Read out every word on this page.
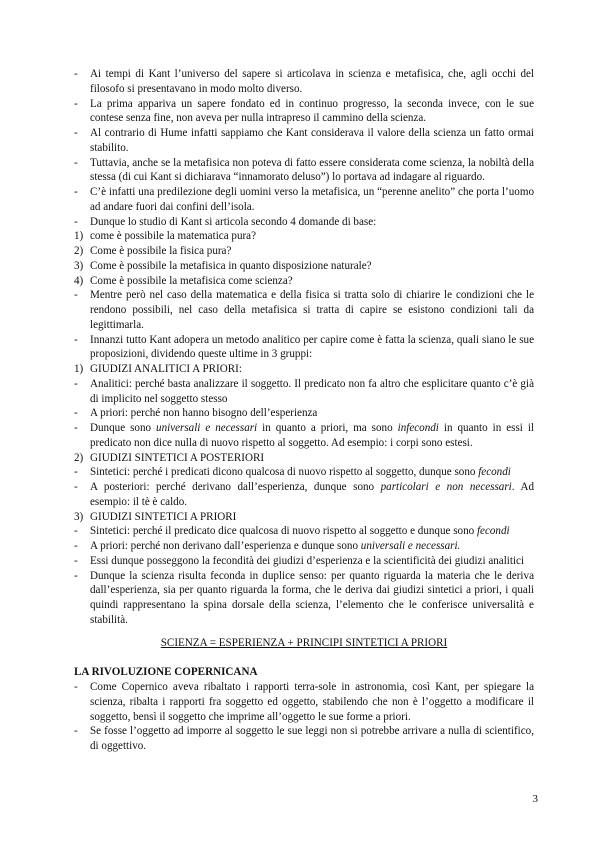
-	Ai tempi di Kant l’universo del sapere si articolava in scienza e metafisica, che, agli occhi del filosofo si presentavano in modo molto diverso.
-	La prima appariva un sapere fondato ed in continuo progresso, la seconda invece, con le sue contese senza fine, non aveva per nulla intrapreso il cammino della scienza.
-	Al contrario di Hume infatti sappiamo che Kant considerava il valore della scienza un fatto ormai stabilito.
-	Tuttavia, anche se la metafisica non poteva di fatto essere considerata come scienza, la nobiltà della stessa (di cui Kant si dichiarava “innamorato deluso”) lo portava ad indagare al riguardo.
-	C’è infatti una predilezione degli uomini verso la metafisica, un “perenne anelito” che porta l’uomo ad andare fuori dai confini dell’isola.
-	Dunque lo studio di Kant si articola secondo 4 domande di base:
1) come è possibile la matematica pura?
2) Come è possibile la fisica pura?
3) Come è possibile la metafisica in quanto disposizione naturale?
4) Come è possibile la metafisica come scienza?
-	Mentre però nel caso della matematica e della fisica si tratta solo di chiarire le condizioni che le rendono possibili, nel caso della metafisica si tratta di capire se esistono condizioni tali da legittimarla.
-	Innanzi tutto Kant adopera un metodo analitico per capire come è fatta la scienza, quali siano le sue proposizioni, dividendo queste ultime in 3 gruppi:
1) GIUDIZI ANALITICI A PRIORI:
-	Analitici: perché basta analizzare il soggetto. Il predicato non fa altro che esplicitare quanto c’è già di implicito nel soggetto stesso
-	A priori: perché non hanno bisogno dell’esperienza
-	Dunque sono universali e necessari in quanto a priori, ma sono infecondi in quanto in essi il predicato non dice nulla di nuovo rispetto al soggetto. Ad esempio: i corpi sono estesi.
2) GIUDIZI SINTETICI A POSTERIORI
-	Sintetici: perché i predicati dicono qualcosa di nuovo rispetto al soggetto, dunque sono fecondi
-	A posteriori: perché derivano dall’esperienza, dunque sono particolari e non necessari. Ad esempio: il tè è caldo.
3) GIUDIZI SINTETICI A PRIORI
-	Sintetici: perché il predicato dice qualcosa di nuovo rispetto al soggetto e dunque sono fecondi
-	A priori: perché non derivano dall’esperienza e dunque sono universali e necessari.
-	Essi dunque posseggono la fecondità dei giudizi d’esperienza e la scientificità dei giudizi analitici
-	Dunque la scienza risulta feconda in duplice senso: per quanto riguarda la materia che le deriva dall’esperienza, sia per quanto riguarda la forma, che le deriva dai giudizi sintetici a priori, i quali quindi rappresentano la spina dorsale della scienza, l’elemento che le conferisce universalità e stabilità.
SCIENZA = ESPERIENZA + PRINCIPI SINTETICI A PRIORI
LA RIVOLUZIONE COPERNICANA
-	Come Copernico aveva ribaltato i rapporti terra-sole in astronomia, così Kant, per spiegare la scienza, ribalta i rapporti fra soggetto ed oggetto, stabilendo che non è l’oggetto a modificare il soggetto, bensì il soggetto che imprime all’oggetto le sue forme a priori.
-	Se fosse l’oggetto ad imporre al soggetto le sue leggi non si potrebbe arrivare a nulla di scientifico, di oggettivo.
3
